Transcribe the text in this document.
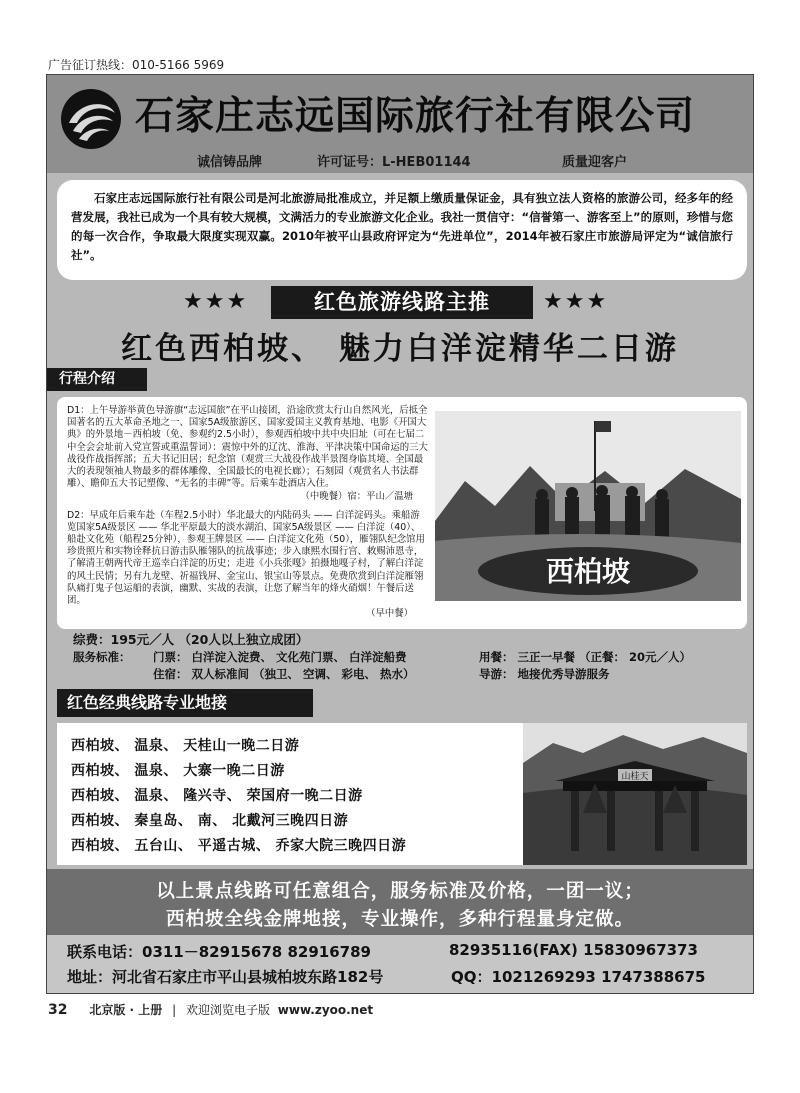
广告征订热线：010-5166 5969
石家庄志远国际旅行社有限公司
诚信铸品牌	许可证号：L-HEB01144	质量迎客户
石家庄志远国际旅行社有限公司是河北旅游局批准成立，并足额上缴质量保证金，具有独立法人资格的旅游公司，经多年的经营发展，我社已成为一个具有较大规模，文满活力的专业旅游文化企业。我社一贯信守：“信誉第一、游客至上”的原则，珍惜与您的每一次合作，争取最大限度实现双赢。2010年被平山县政府评定为“先进单位”，2014年被石家庄市旅游局评定为“诚信旅行社”。
★★★	红色旅游线路主推	★★★
红色西柏坡、 魅力白洋淀精华二日游
行程介绍

D1：上午导游举黄色导游旗“志远国旅”在平山接团，沿途欣赏太行山自然风光，后抵全国著名的五大革命圣地之一、国家5A级旅游区、国家爱国主义教育基地、电影《开国大典》的外景地－西柏坡（免、参观约2.5小时），参观西柏坡中共中央旧址（可在七届二中全会会址前入党宣誓或重温誓词）：震惊中外的辽沈、淮海、平津决策中国命运的三大战役作战指挥部；五大书记旧居；纪念馆（观赏三大战役作战半景图身临其境、全国最大的表现领袖人物最多的群体雕像、全国最长的电视长廊）；石刻园（观赏名人书法群雕）、瞻仰五大书记塑像、“无名的丰碑”等。后乘车赴酒店入住。

（中晚餐）宿：平山／温塘

D2：早成年后乘车赴（车程2.5小时）华北最大的内陆码头 —— 白洋淀码头。乘船游览国家5A级景区 —— 华北平原最大的淡水湖泊、国家5A级景区 —— 白洋淀（40）、船赴文化苑（船程25分钟），参观王牌景区 —— 白洋淀文化苑（50），雁翎队纪念馆用珍贵照片和实物诠释抗日游击队雁翎队的抗战事迹；步入康熙水围行宫、敕赐沛恩寺，了解清王朝两代帝王巡幸白洋淀的历史；走进《小兵张嘎》拍摄地嘎子村，了解白洋淀的风土民情；另有九龙壁、祈福钱屏、金宝山、银宝山等景点。免费欣赏到白洋淀雁翎队痛打鬼子包运船的表演，幽默、实战的表演，让您了解当年的烽火硝烟！午餐后送团。

（早中餐）

西柏坡
综费：195元／人 （20人以上独立成团）
服务标准： 门票： 白洋淀入淀费、 文化苑门票、 白洋淀船费	用餐： 三正一早餐 （正餐： 20元／人）
住宿： 双人标准间 （独卫、 空调、 彩电、 热水）	导游： 地接优秀导游服务
红色经典线路专业地接
西柏坡、 温泉、 天桂山一晚二日游
西柏坡、 温泉、 大寨一晚二日游
西柏坡、 温泉、 隆兴寺、 荣国府一晚二日游
西柏坡、 秦皇岛、 南、 北戴河三晚四日游
西柏坡、 五台山、 平遥古城、 乔家大院三晚四日游
山桂天
以上景点线路可任意组合，服务标准及价格，一团一议；
西柏坡全线金牌地接，专业操作，多种行程量身定做。
联系电话：0311－82915678 82916789	82935116(FAX) 15830967373
地址：河北省石家庄市平山县城柏坡东路182号	QQ：1021269293 1747388675
32 北京版 · 上册 | 欢迎浏览电子版 www.zyoo.net
